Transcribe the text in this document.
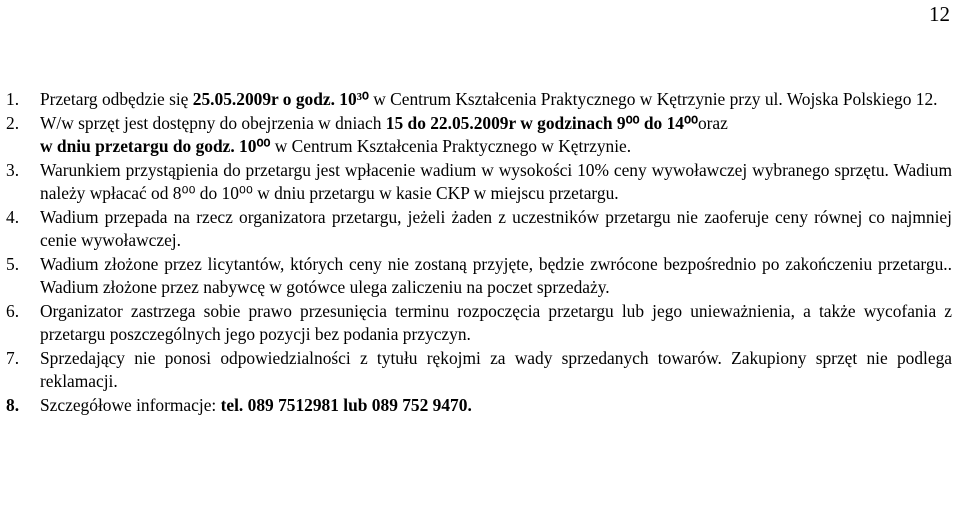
12
1.	Przetarg odbędzie się 25.05.2009r o godz. 10³⁰ w Centrum Kształcenia Praktycznego w Kętrzynie przy ul. Wojska Polskiego 12.
2.	W/w sprzęt jest dostępny do obejrzenia w dniach 15 do 22.05.2009r w godzinach 9⁰⁰ do 14⁰⁰oraz
w dniu przetargu do godz. 10⁰⁰ w Centrum Kształcenia Praktycznego w Kętrzynie.
3.	Warunkiem przystąpienia do przetargu jest wpłacenie wadium w wysokości 10% ceny wywoławczej wybranego sprzętu. Wadium należy wpłacać od 8⁰⁰ do 10⁰⁰ w dniu przetargu w kasie CKP w miejscu przetargu.
4.	Wadium przepada na rzecz organizatora przetargu, jeżeli żaden z uczestników przetargu nie zaoferuje ceny równej co najmniej cenie wywoławczej.
5.	Wadium złożone przez licytantów, których ceny nie zostaną przyjęte, będzie zwrócone bezpośrednio po zakończeniu przetargu.. Wadium złożone przez nabywcę w gotówce ulega zaliczeniu na poczet sprzedaży.
6.	Organizator zastrzega sobie prawo przesunięcia terminu rozpoczęcia przetargu lub jego unieważnienia, a także wycofania z przetargu poszczególnych jego pozycji bez podania przyczyn.
7.	Sprzedający nie ponosi odpowiedzialności z tytułu rękojmi za wady sprzedanych towarów. Zakupiony sprzęt nie podlega reklamacji.
8.	Szczegółowe informacje: tel. 089 7512981 lub 089 752 9470.
